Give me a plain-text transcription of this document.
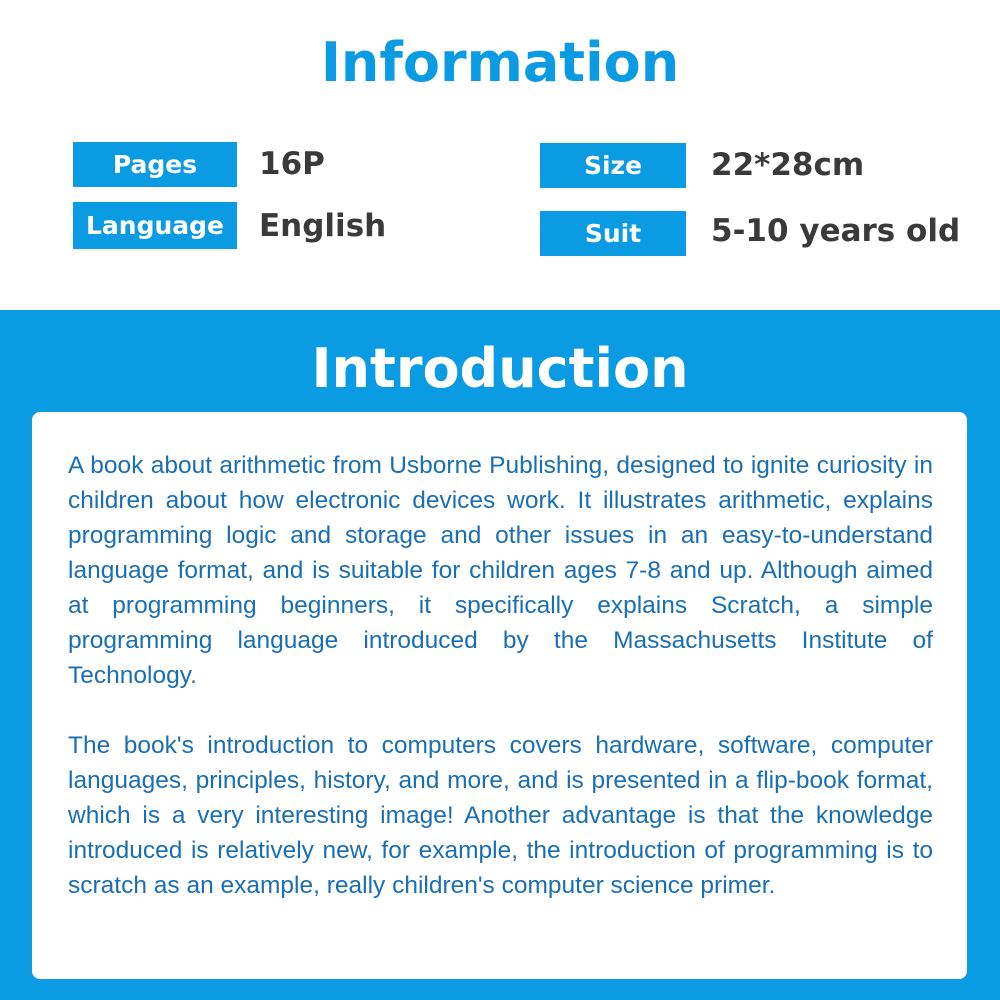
Information
Pages	16P
Language	English
Size	22*28cm
Suit	5-10 years old
Introduction

A book about arithmetic from Usborne Publishing, designed to ignite curiosity in children about how electronic devices work. It illustrates arithmetic, explains programming logic and storage and other issues in an easy-to-understand language format, and is suitable for children ages 7-8 and up. Although aimed at programming beginners, it specifically explains Scratch, a simple programming language introduced by the Massachusetts Institute of Technology.

The book's introduction to computers covers hardware, software, computer languages, principles, history, and more, and is presented in a flip-book format, which is a very interesting image! Another advantage is that the knowledge introduced is relatively new, for example, the introduction of programming is to scratch as an example, really children's computer science primer.
